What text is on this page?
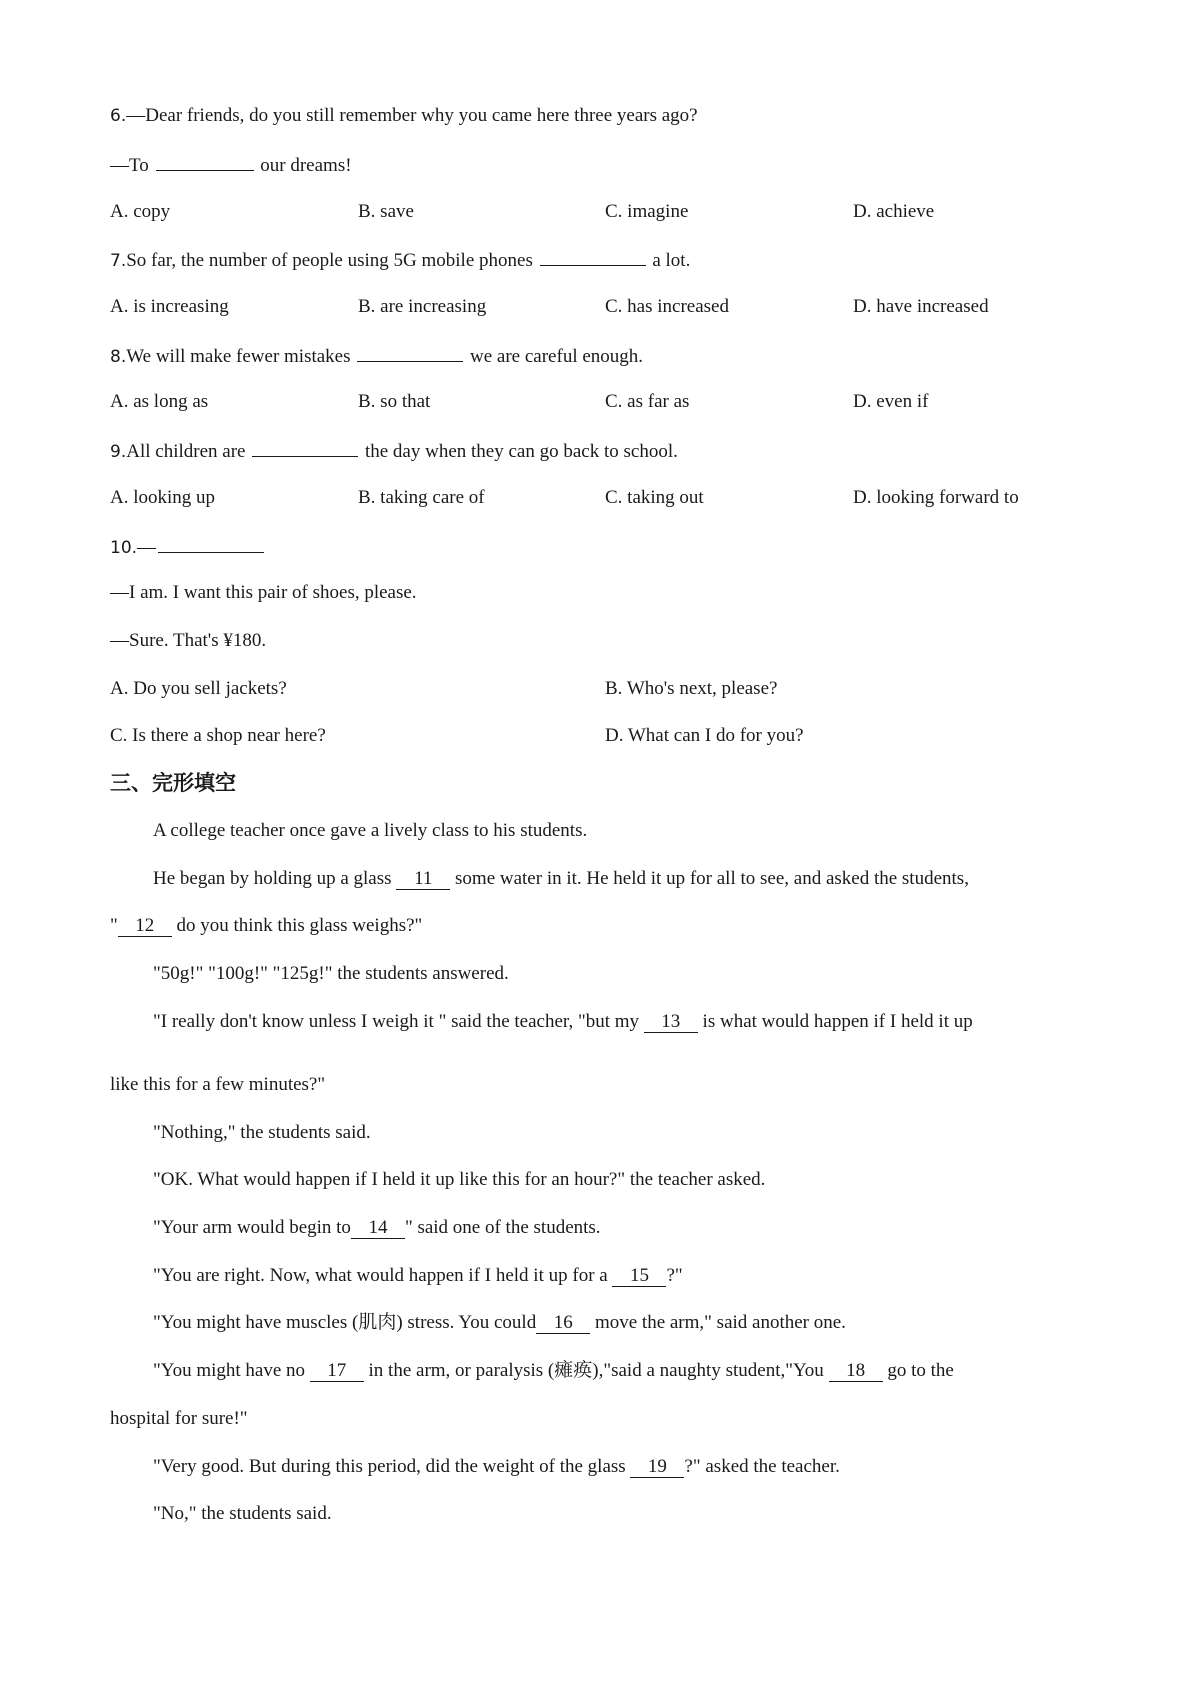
6.—Dear friends, do you still remember why you came here three years ago?
—To	our dreams!
A. copy	B. save	C. imagine	D. achieve
7.So far, the number of people using 5G mobile phones	a lot.
A. is increasing	B. are increasing	C. has increased	D. have increased
8.We will make fewer mistakes	we are careful enough.
A. as long as	B. so that	C. as far as	D. even if
9.All children are	the day when they can go back to school.
A. looking up	B. taking care of	C. taking out	D. looking forward to
10.—
—I am. I want this pair of shoes, please.
—Sure. That's ¥180.
A. Do you sell jackets?	B. Who's next, please?
C. Is there a shop near here?	D. What can I do for you?
三、完形填空
A college teacher once gave a lively class to his students.
He began by holding up a glass 11 some water in it. He held it up for all to see, and asked the students,
" 12 do you think this glass weighs?"
"50g!" "100g!" "125g!" the students answered.
"I really don't know unless I weigh it " said the teacher, "but my 13 is what would happen if I held it up
like this for a few minutes?"
"Nothing," the students said.
"OK. What would happen if I held it up like this for an hour?" the teacher asked.
"Your arm would begin to 14 " said one of the students.
"You are right. Now, what would happen if I held it up for a 15 ?"
"You might have muscles (肌肉) stress. You could 16 move the arm," said another one.
"You might have no 17 in the arm, or paralysis (瘫痪),"said a naughty student,"You 18 go to the
hospital for sure!"
"Very good. But during this period, did the weight of the glass 19 ?" asked the teacher.
"No," the students said.
